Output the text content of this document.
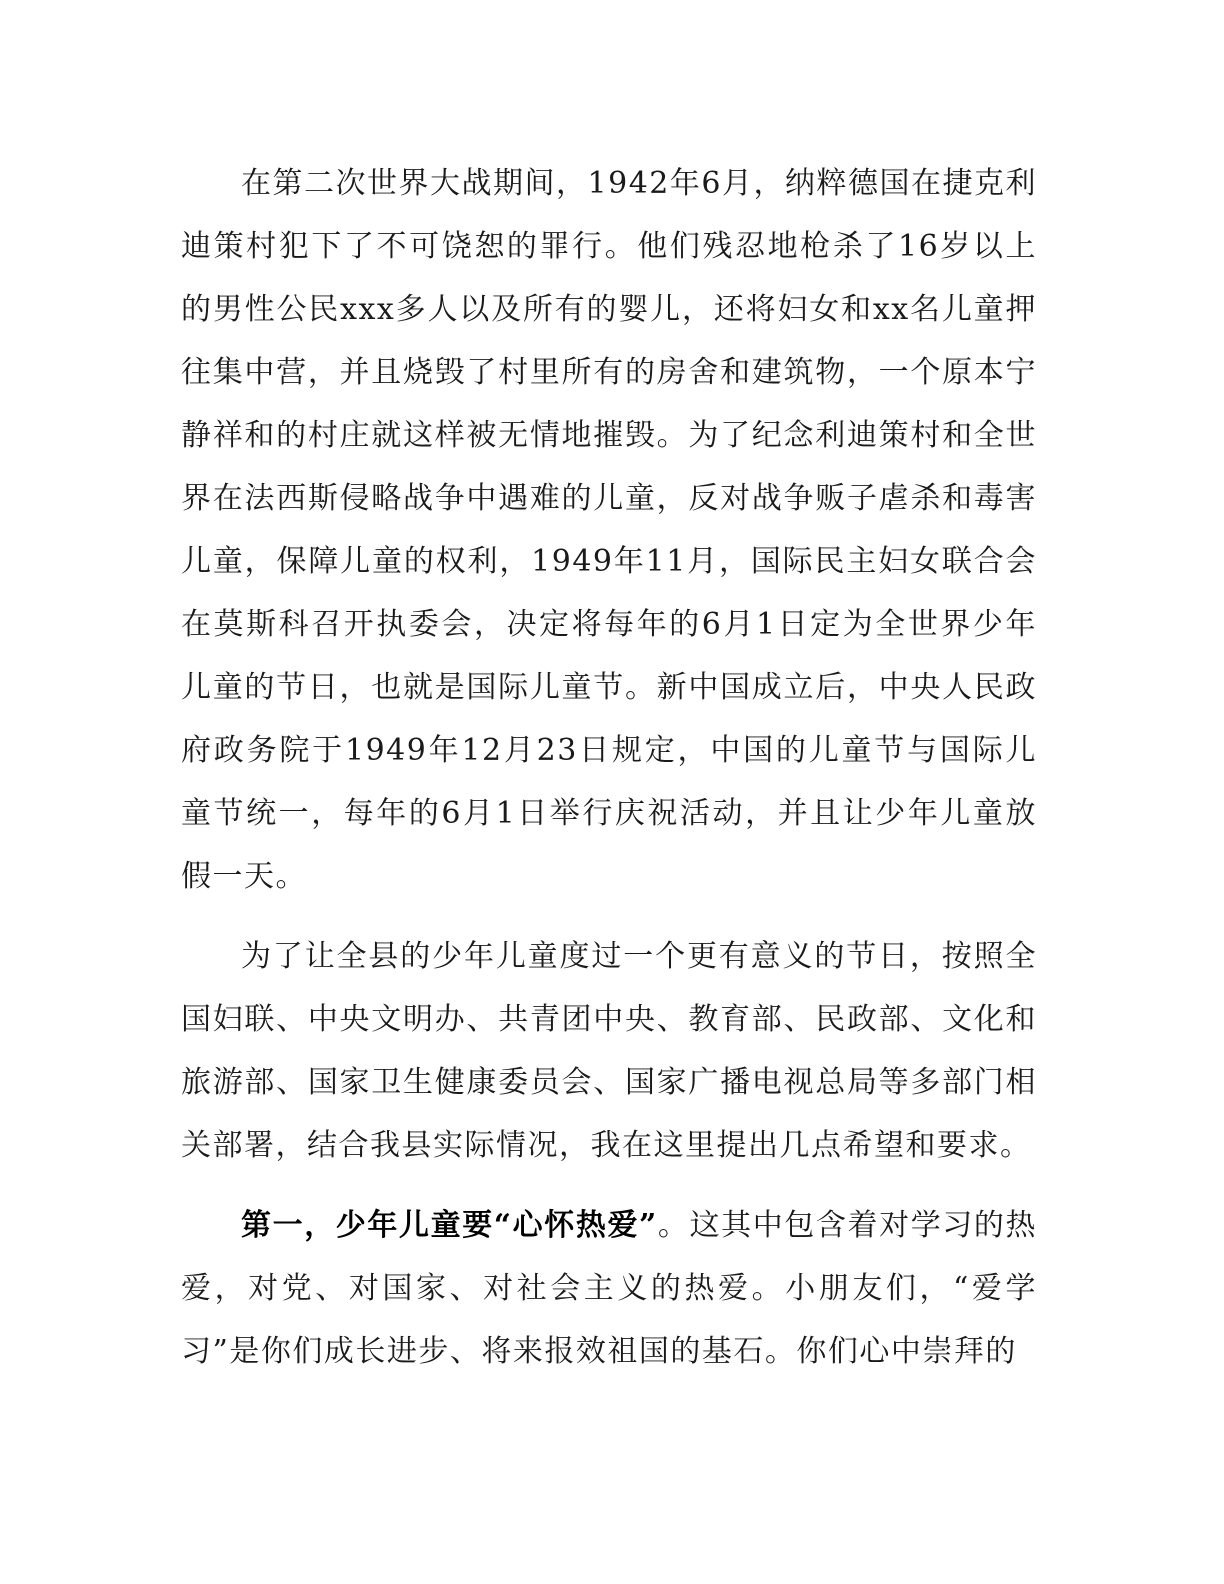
在第二次世界大战期间，1942年6月，纳粹德国在捷克利迪策村犯下了不可饶恕的罪行。他们残忍地枪杀了16岁以上的男性公民xxx多人以及所有的婴儿，还将妇女和xx名儿童押往集中营，并且烧毁了村里所有的房舍和建筑物，一个原本宁静祥和的村庄就这样被无情地摧毁。为了纪念利迪策村和全世界在法西斯侵略战争中遇难的儿童，反对战争贩子虐杀和毒害儿童，保障儿童的权利，1949年11月，国际民主妇女联合会在莫斯科召开执委会，决定将每年的6月1日定为全世界少年儿童的节日，也就是国际儿童节。新中国成立后，中央人民政府政务院于1949年12月23日规定，中国的儿童节与国际儿童节统一，每年的6月1日举行庆祝活动，并且让少年儿童放假一天。

为了让全县的少年儿童度过一个更有意义的节日，按照全国妇联、中央文明办、共青团中央、教育部、民政部、文化和旅游部、国家卫生健康委员会、国家广播电视总局等多部门相关部署，结合我县实际情况，我在这里提出几点希望和要求。

第一，少年儿童要“心怀热爱”。这其中包含着对学习的热爱，对党、对国家、对社会主义的热爱。小朋友们，“爱学习”是你们成长进步、将来报效祖国的基石。你们心中崇拜的
